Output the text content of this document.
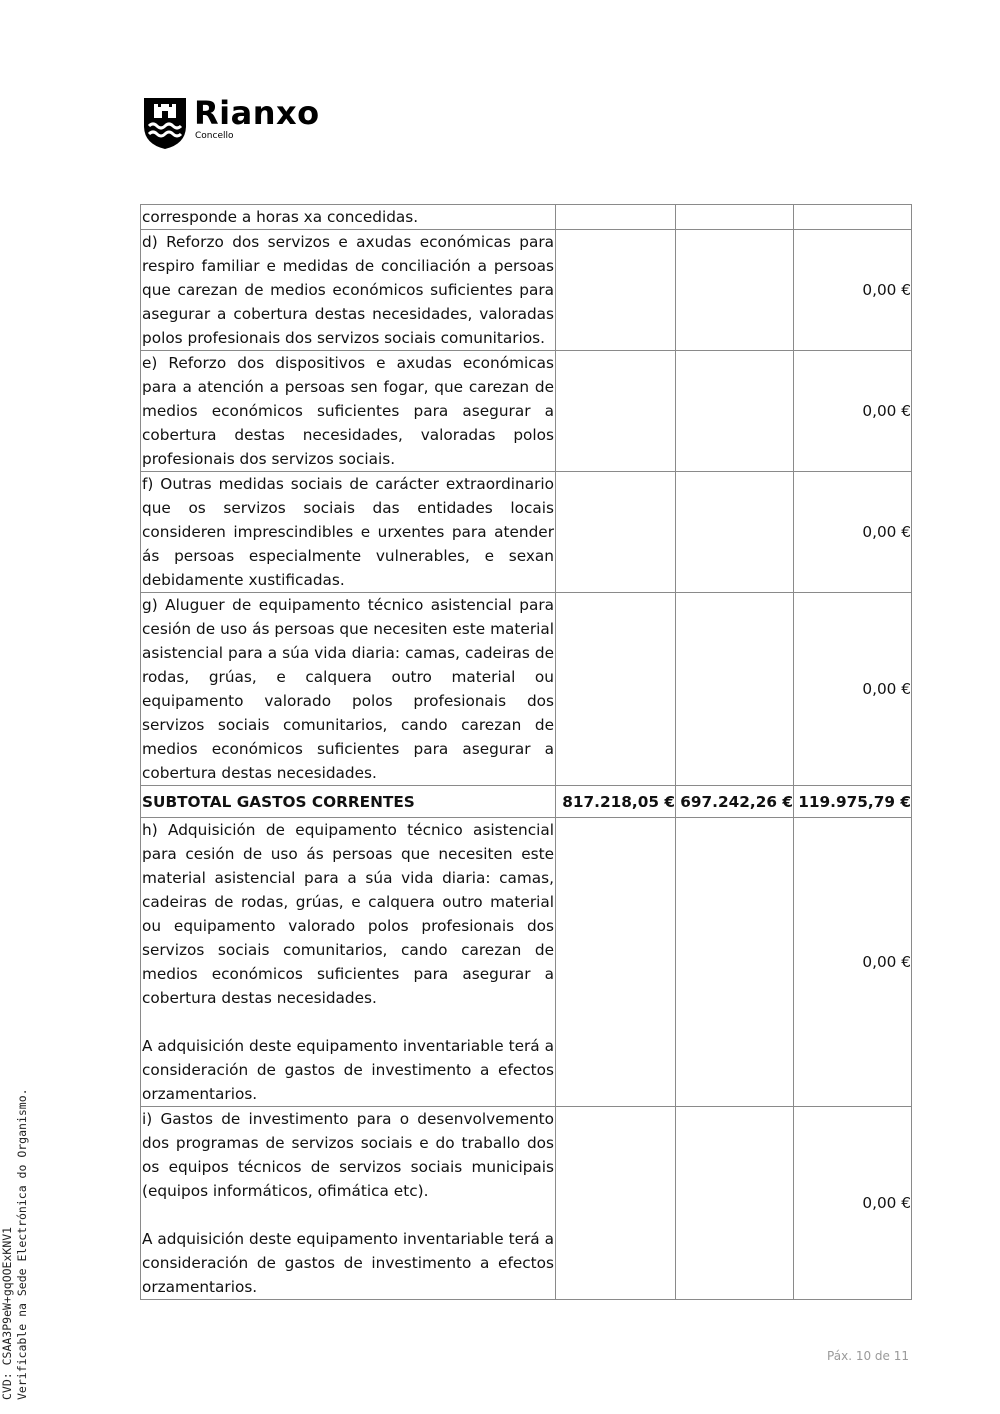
Rianxo
Concello
corresponde a horas xa concedidas.			
d) Reforzo dos servizos e axudas económicas para respiro familiar e medidas de conciliación a persoas que carezan de medios económicos suficientes para asegurar a cobertura destas necesidades, valoradas polos profesionais dos servizos sociais comunitarios.			0,00 €
e) Reforzo dos dispositivos e axudas económicas para a atención a persoas sen fogar, que carezan de medios económicos suficientes para asegurar a cobertura destas necesidades, valoradas polos profesionais dos servizos sociais.			0,00 €
f) Outras medidas sociais de carácter extraordinario que os servizos sociais das entidades locais consideren imprescindibles e urxentes para atender ás persoas especialmente vulnerables, e sexan debidamente xustificadas.			0,00 €
g) Aluguer de equipamento técnico asistencial para cesión de uso ás persoas que necesiten este material asistencial para a súa vida diaria: camas, cadeiras de rodas, grúas, e calquera outro material ou equipamento valorado polos profesionais dos servizos sociais comunitarios, cando carezan de medios económicos suficientes para asegurar a cobertura destas necesidades.			0,00 €
SUBTOTAL GASTOS CORRENTES	817.218,05 €	697.242,26 €	119.975,79 €

h) Adquisición de equipamento técnico asistencial para cesión de uso ás persoas que necesiten este material asistencial para a súa vida diaria: camas, cadeiras de rodas, grúas, e calquera outro material ou equipamento valorado polos profesionais dos servizos sociais comunitarios, cando carezan de medios económicos suficientes para asegurar a cobertura destas necesidades.
A adquisición deste equipamento inventariable terá a consideración de gastos de investimento a efectos orzamentarios.			0,00 €

i) Gastos de investimento para o desenvolvemento dos programas de servizos sociais e do traballo dos os equipos técnicos de servizos sociais municipais (equipos informáticos, ofimática etc).
A adquisición deste equipamento inventariable terá a consideración de gastos de investimento a efectos orzamentarios.			0,00 €
Páx. 10 de 11
CVD: CSAA3P9eW+gqOOExKNV1 Verificable na Sede Electrónica do Organismo.
